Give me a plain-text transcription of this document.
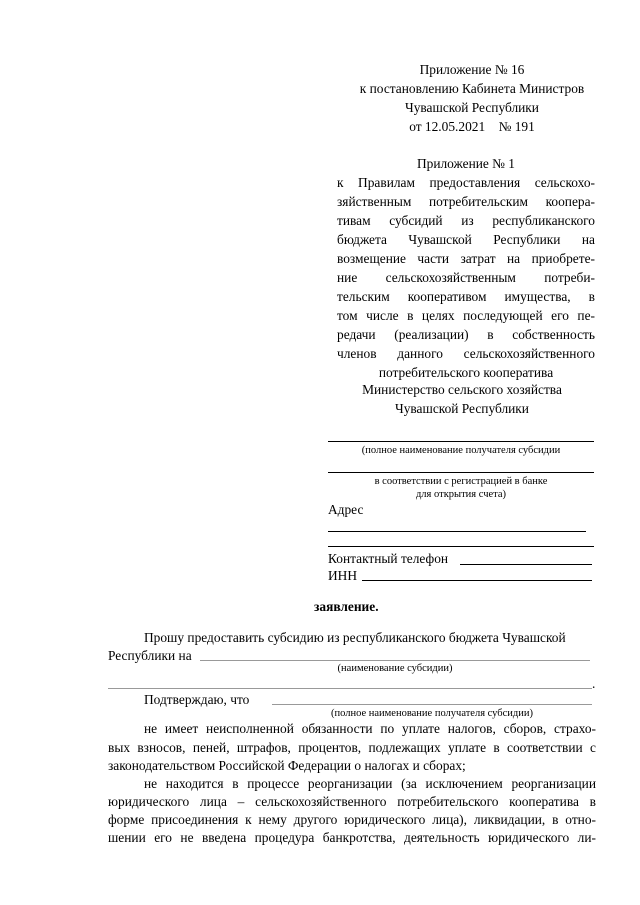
Приложение № 16
к постановлению Кабинета Министров
Чувашской Республики
от 12.05.2021    № 191
Приложение № 1
к Правилам предоставления сельскохо-
зяйственным потребительским коопера-
тивам субсидий из республиканского
бюджета Чувашской Республики на
возмещение части затрат на приобрете-
ние сельскохозяйственным потреби-
тельским кооперативом имущества, в
том числе в целях последующей его пе-
редачи (реализации) в собственность
членов данного сельскохозяйственного
потребительского кооператива
Министерство сельского хозяйства
Чувашской Республики
(полное наименование получателя субсидии
в соответствии с регистрацией в банке
для открытия счета)
Адрес
Контактный телефон
ИНН
заявление.
Прошу предоставить субсидию из республиканского бюджета Чувашской
Республики на
(наименование субсидии)
.
Подтверждаю, что
(полное наименование получателя субсидии)
не имеет неисполненной обязанности по уплате налогов, сборов, страхо-
вых взносов, пеней, штрафов, процентов, подлежащих уплате в соответствии с
законодательством Российской Федерации о налогах и сборах;
не находится в процессе реорганизации (за исключением реорганизации
юридического лица – сельскохозяйственного потребительского кооператива в
форме присоединения к нему другого юридического лица), ликвидации, в отно-
шении его не введена процедура банкротства, деятельность юридического ли-
